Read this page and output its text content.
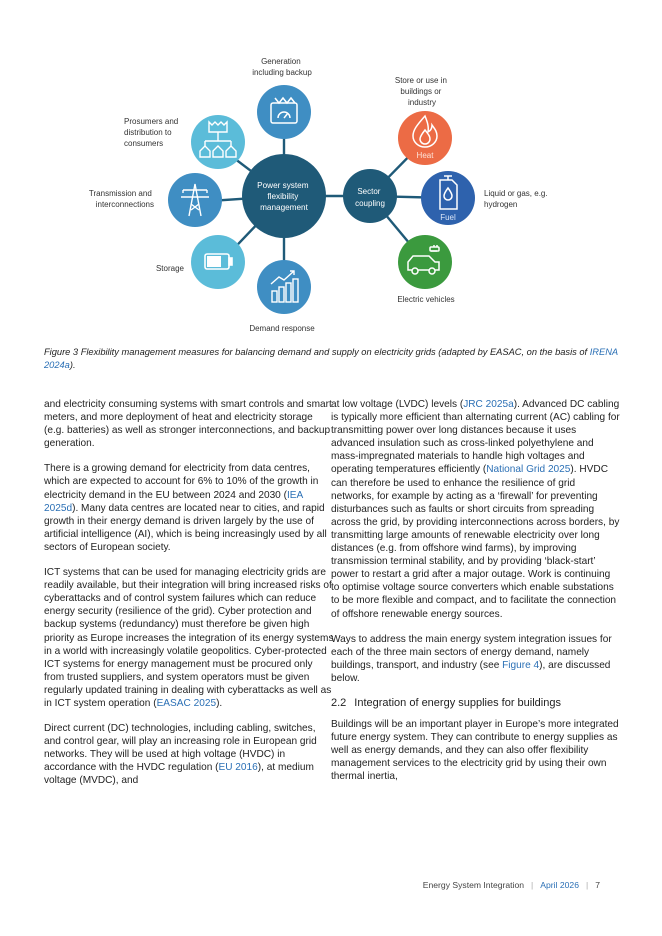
Power system flexibility management
Generation including backup
Prosumers and distribution to consumers
Transmission and interconnections
Storage
Demand response
Sector coupling
Heat
Store or use in buildings or industry
Fuel
Liquid or gas, e.g. hydrogen
Electric vehicles
Figure 3 Flexibility management measures for balancing demand and supply on electricity grids (adapted by EASAC, on the basis of IRENA 2024a).

and electricity consuming systems with smart controls and smart meters, and more deployment of heat and electricity storage (e.g. batteries) as well as stronger interconnections, and backup generation.

There is a growing demand for electricity from data centres, which are expected to account for 6% to 10% of the growth in electricity demand in the EU between 2024 and 2030 (IEA 2025d). Many data centres are located near to cities, and rapid growth in their energy demand is driven largely by the use of artificial intelligence (AI), which is being increasingly used by all sectors of European society.

ICT systems that can be used for managing electricity grids are readily available, but their integration will bring increased risks of cyberattacks and of control system failures which can reduce energy security (resilience of the grid). Cyber protection and backup systems (redundancy) must therefore be given high priority as Europe increases the integration of its energy systems in a world with increasingly volatile geopolitics. Cyber-protected ICT systems for energy management must be procured only from trusted suppliers, and system operators must be given regularly updated training in dealing with cyberattacks as well as in ICT system operation (EASAC 2025).

Direct current (DC) technologies, including cabling, switches, and control gear, will play an increasing role in European grid networks. They will be used at high voltage (HVDC) in accordance with the HVDC regulation (EU 2016), at medium voltage (MVDC), and

at low voltage (LVDC) levels (JRC 2025a). Advanced DC cabling is typically more efficient than alternating current (AC) cabling for transmitting power over long distances because it uses advanced insulation such as cross-linked polyethylene and mass-impregnated materials to handle high voltages and operating temperatures efficiently (National Grid 2025). HVDC can therefore be used to enhance the resilience of grid networks, for example by acting as a ‘firewall’ for preventing disturbances such as faults or short circuits from spreading across the grid, by providing interconnections across borders, by transmitting large amounts of renewable electricity over long distances (e.g. from offshore wind farms), by improving transmission terminal stability, and by providing ‘black-start’ power to restart a grid after a major outage. Work is continuing to optimise voltage source converters which enable substations to be more flexible and compact, and to facilitate the connection of offshore renewable energy sources.

Ways to address the main energy system integration issues for each of the three main sectors of energy demand, namely buildings, transport, and industry (see Figure 4), are discussed below.

2.2 Integration of energy supplies for buildings

Buildings will be an important player in Europe’s more integrated future energy system. They can contribute to energy supplies as well as energy demands, and they can also offer flexibility management services to the electricity grid by using their own thermal inertia,

Energy System Integration | April 2026 | 7
